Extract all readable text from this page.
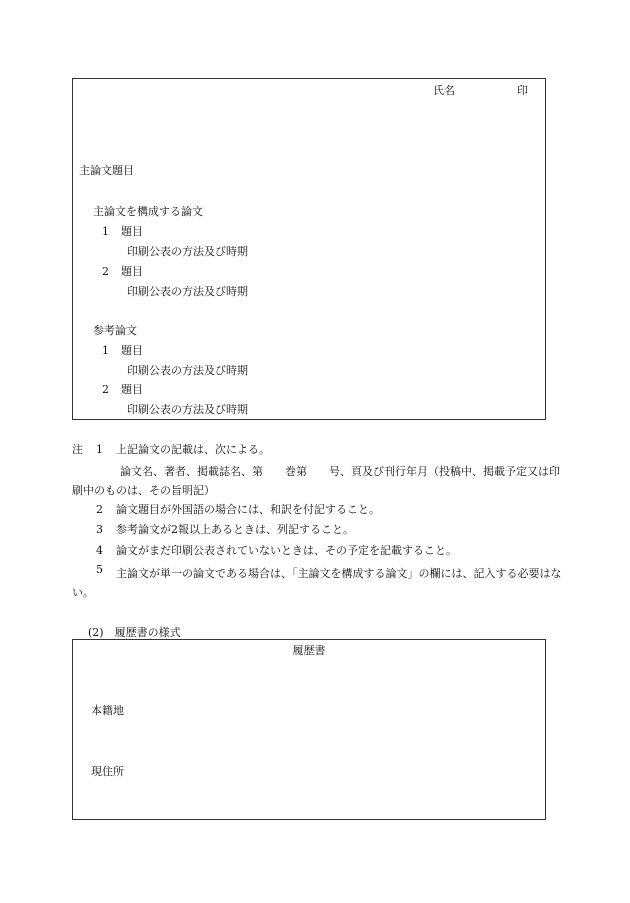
氏名	印
主論文題目
主論文を構成する論文
1 題目
印刷公表の方法及び時期
2 題目
印刷公表の方法及び時期
参考論文
1 題目
印刷公表の方法及び時期
2 題目
印刷公表の方法及び時期
注 1 上記論文の記載は、次による。
論文名、著者、掲載誌名、第　　巻第　　号、頁及び刊行年月（投稿中、掲載予定又は印刷中のものは、その旨明記）
2 論文題目が外国語の場合には、和訳を付記すること。
3 参考論文が2報以上あるときは、列記すること。
4 論文がまだ印刷公表されていないときは、その予定を記載すること。
5	主論文が単一の論文である場合は、「主論文を構成する論文」の欄には、記入する必要はない。
(2)　履歴書の様式
履歴書
本籍地
現住所
